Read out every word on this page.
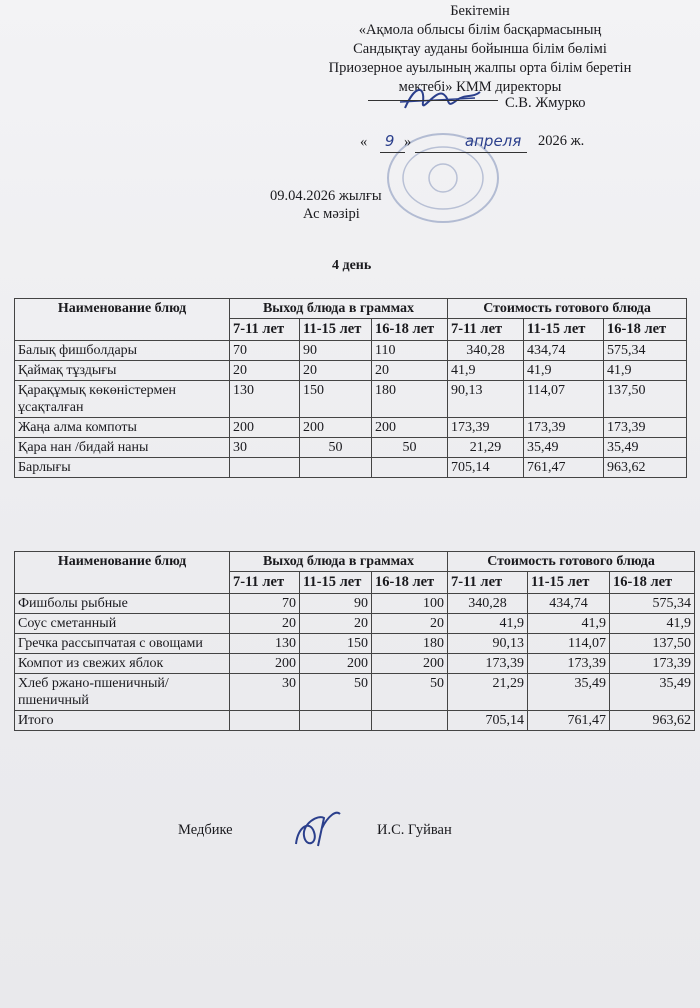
Бекітемін
«Ақмола облысы білім басқармасының
Сандықтау ауданы бойынша білім бөлімі
Приозерное ауылының жалпы орта білім беретін
мектебі» КММ директоры
С.В. Жмурко
« 9 »	апреля 2026 ж.
09.04.2026 жылғы
Ас мәзірі
4 день
Наименование блюд	Выход блюда в граммах			Стоимость готового блюда		
	7-11 лет	11-15 лет	16-18 лет	7-11 лет	11-15 лет	16-18 лет
Балық фишболдары	70	90	110	340,28	434,74	575,34
Қаймақ тұздығы	20	20	20	41,9	41,9	41,9
Қарақұмық көкөністермен ұсақталған	130	150	180	90,13	114,07	137,50
Жаңа алма компоты	200	200	200	173,39	173,39	173,39
Қара нан /бидай наны	30	50	50	21,29	35,49	35,49
Барлығы				705,14	761,47	963,62
Наименование блюд	Выход блюда в граммах			Стоимость готового блюда		
	7-11 лет	11-15 лет	16-18 лет	7-11 лет	11-15 лет	16-18 лет
Фишболы рыбные	70	90	100	340,28	434,74	575,34
Соус сметанный	20	20	20	41,9	41,9	41,9
Гречка рассыпчатая с овощами	130	150	180	90,13	114,07	137,50
Компот из свежих яблок	200	200	200	173,39	173,39	173,39
Хлеб ржано-пшеничный/пшеничный	30	50	50	21,29	35,49	35,49
Итого				705,14	761,47	963,62
Медбике	И.С. Гуйван
